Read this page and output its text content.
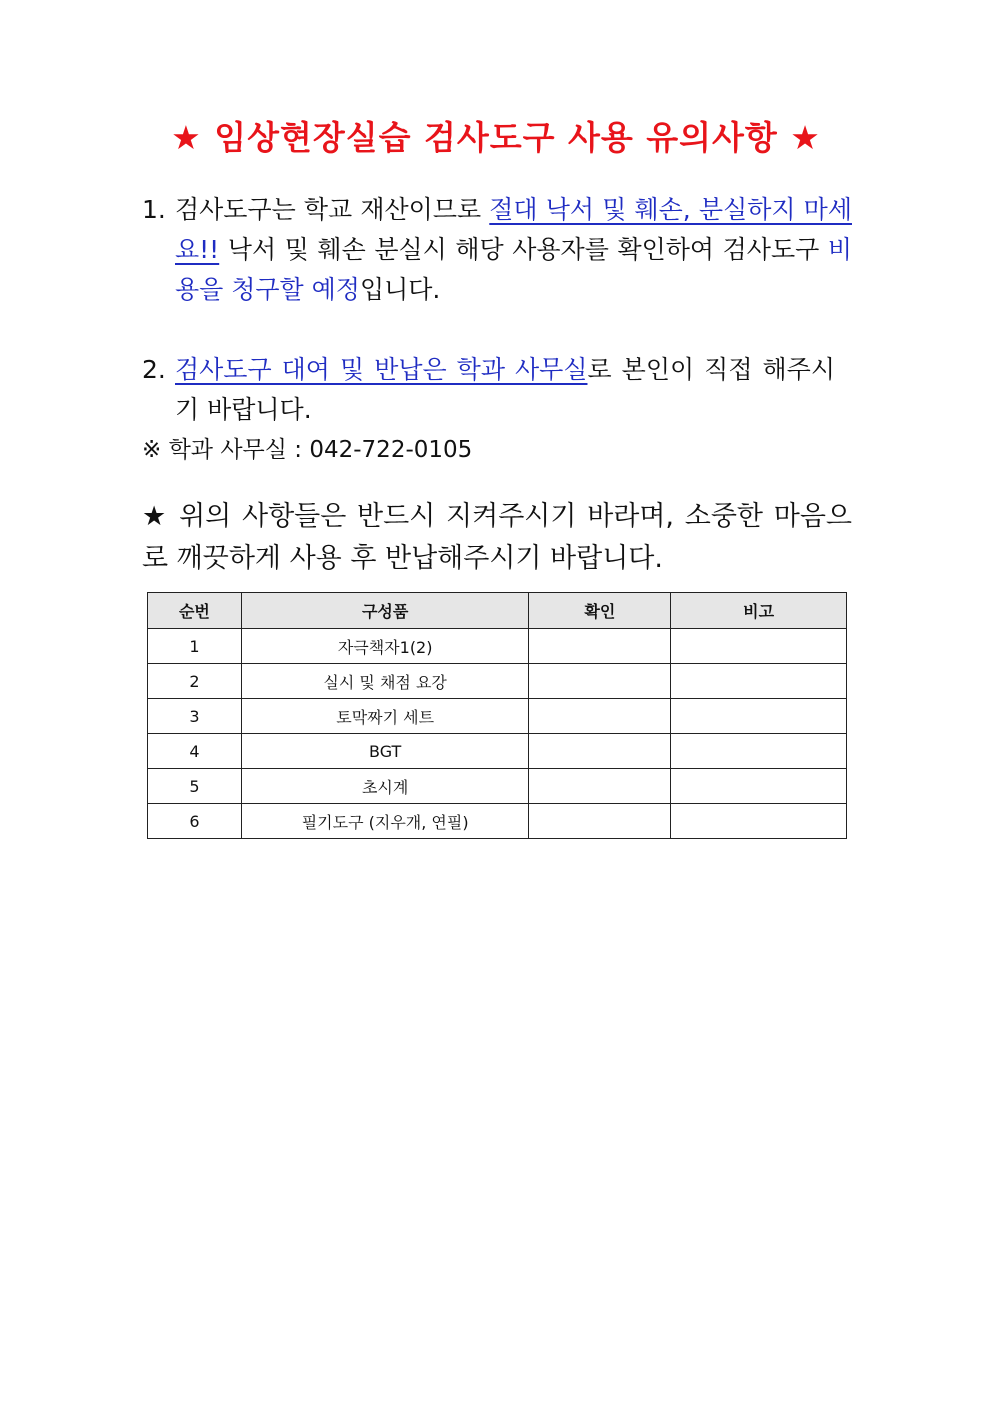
★ 임상현장실습 검사도구 사용 유의사항 ★
1. 검사도구는 학교 재산이므로 절대 낙서 및 훼손, 분실하지 마세요!! 낙서 및 훼손 분실시 해당 사용자를 확인하여 검사도구 비용을 청구할 예정입니다.
2. 검사도구 대여 및 반납은 학과 사무실로 본인이 직접 해주시기 바랍니다.
※ 학과 사무실 : 042-722-0105
★ 위의 사항들은 반드시 지켜주시기 바라며, 소중한 마음으로 깨끗하게 사용 후 반납해주시기 바랍니다.
순번	구성품	확인	비고
1	자극책자1(2)		
2	실시 및 채점 요강		
3	토막짜기 세트		
4	BGT		
5	초시계		
6	필기도구 (지우개, 연필)		
